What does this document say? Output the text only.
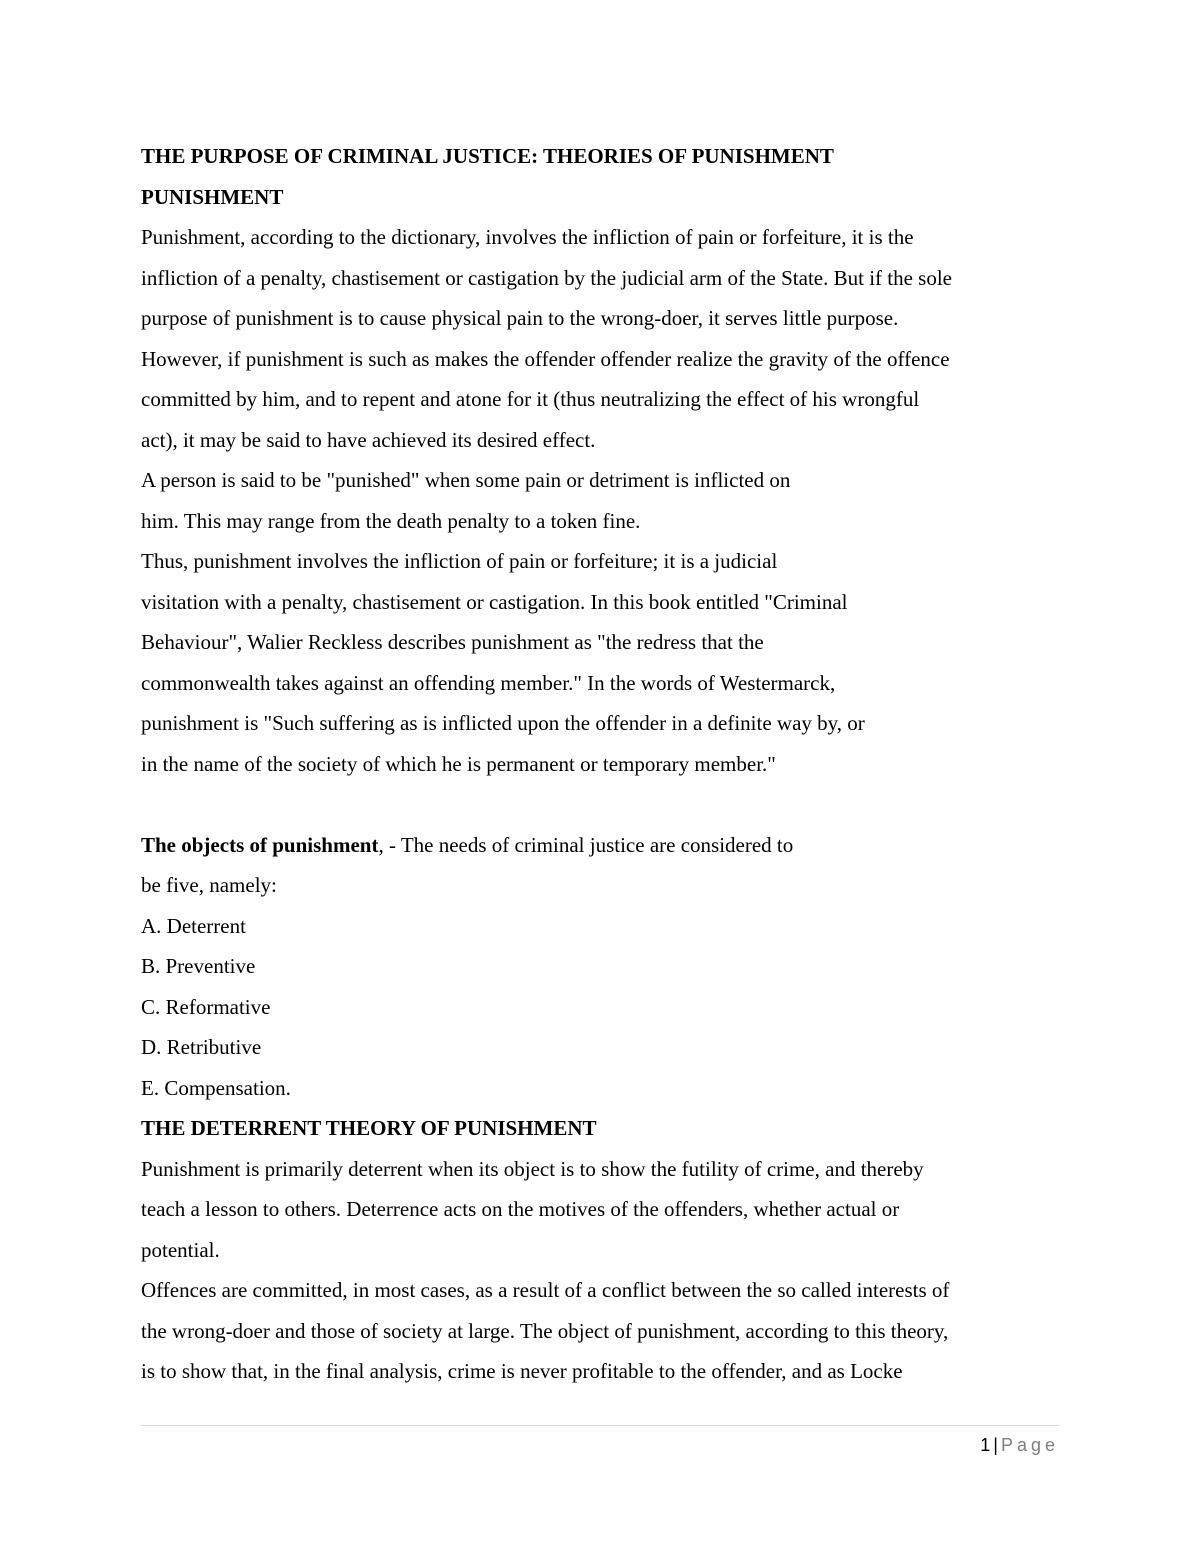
THE PURPOSE OF CRIMINAL JUSTICE: THEORIES OF PUNISHMENT
PUNISHMENT
Punishment, according to the dictionary, involves the infliction of pain or forfeiture, it is the
infliction of a penalty, chastisement or castigation by the judicial arm of the State. But if the sole
purpose of punishment is to cause physical pain to the wrong-doer, it serves little purpose.
However, if punishment is such as makes the offender offender realize the gravity of the offence
committed by him, and to repent and atone for it (thus neutralizing the effect of his wrongful
act), it may be said to have achieved its desired effect.
A person is said to be "punished" when some pain or detriment is inflicted on
him. This may range from the death penalty to a token fine.
Thus, punishment involves the infliction of pain or forfeiture; it is a judicial
visitation with a penalty, chastisement or castigation. In this book entitled "Criminal
Behaviour", Walier Reckless describes punishment as "the redress that the
commonwealth takes against an offending member." In the words of Westermarck,
punishment is "Such suffering as is inflicted upon the offender in a definite way by, or
in the name of the society of which he is permanent or temporary member."
The objects of punishment, - The needs of criminal justice are considered to
be five, namely:
A. Deterrent
B. Preventive
C. Reformative
D. Retributive
E. Compensation.
THE DETERRENT THEORY OF PUNISHMENT
Punishment is primarily deterrent when its object is to show the futility of crime, and thereby
teach a lesson to others. Deterrence acts on the motives of the offenders, whether actual or
potential.
Offences are committed, in most cases, as a result of a conflict between the so called interests of
the wrong-doer and those of society at large. The object of punishment, according to this theory,
is to show that, in the final analysis, crime is never profitable to the offender, and as Locke
1 | Page
